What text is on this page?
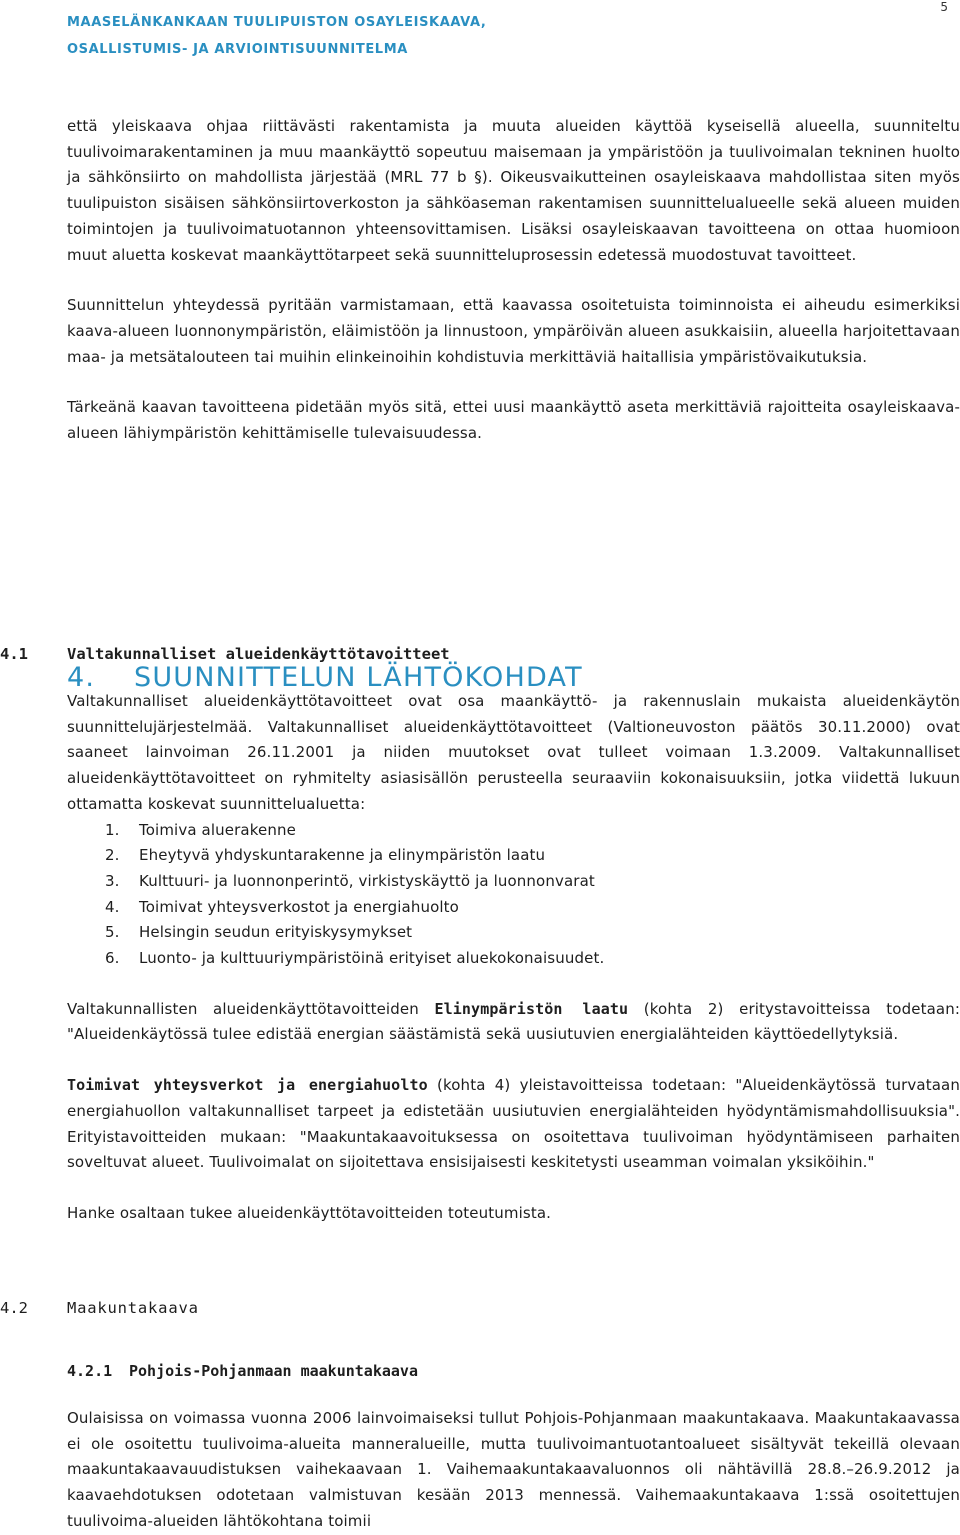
MAASELÄNKANKAAN TUULIPUISTON OSAYLEISKAAVA,
OSALLISTUMIS- JA ARVIOINTISUUNNITELMA
5

että yleiskaava ohjaa riittävästi rakentamista ja muuta alueiden käyttöä kyseisellä alueella, suunniteltu tuulivoimarakentaminen ja muu maankäyttö sopeutuu maisemaan ja ympäristöön ja tuulivoimalan tekninen huolto ja sähkönsiirto on mahdollista järjestää (MRL 77 b §). Oikeusvaikutteinen osayleiskaava mahdollistaa siten myös tuulipuiston sisäisen sähkönsiirtoverkoston ja sähköaseman rakentamisen suunnittelualueelle sekä alueen muiden toimintojen ja tuulivoimatuotannon yhteensovittamisen. Lisäksi osayleiskaavan tavoitteena on ottaa huomioon muut aluetta koskevat maankäyttötarpeet sekä suunnitteluprosessin edetessä muodostuvat tavoitteet.

Suunnittelun yhteydessä pyritään varmistamaan, että kaavassa osoitetuista toiminnoista ei aiheudu esimerkiksi kaava-alueen luonnonympäristön, eläimistöön ja linnustoon, ympäröivän alueen asukkaisiin, alueella harjoitettavaan maa- ja metsätalouteen tai muihin elinkeinoihin kohdistuvia merkittäviä haitallisia ympäristövaikutuksia.

Tärkeänä kaavan tavoitteena pidetään myös sitä, ettei uusi maankäyttö aseta merkittäviä rajoitteita osayleiskaava-alueen lähiympäristön kehittämiselle tulevaisuudessa.

4. SUUNNITTELUN LÄHTÖKOHDAT
4.1	Valtakunnalliset alueidenkäyttötavoitteet

Valtakunnalliset alueidenkäyttötavoitteet ovat osa maankäyttö- ja rakennuslain mukaista alueidenkäytön suunnittelujärjestelmää. Valtakunnalliset alueidenkäyttötavoitteet (Valtioneuvoston päätös 30.11.2000) ovat saaneet lainvoiman 26.11.2001 ja niiden muutokset ovat tulleet voimaan 1.3.2009. Valtakunnalliset alueidenkäyttötavoitteet on ryhmitelty asiasisällön perusteella seuraaviin kokonaisuuksiin, jotka viidettä lukuun ottamatta koskevat suunnittelualuetta:

1. Toimiva aluerakenne
2. Eheytyvä yhdyskuntarakenne ja elinympäristön laatu
3. Kulttuuri- ja luonnonperintö, virkistyskäyttö ja luonnonvarat
4. Toimivat yhteysverkostot ja energiahuolto
5. Helsingin seudun erityiskysymykset
6. Luonto- ja kulttuuriympäristöinä erityiset aluekokonaisuudet.

Valtakunnallisten alueidenkäyttötavoitteiden Elinympäristön laatu (kohta 2) eritystavoitteissa todetaan: "Alueidenkäytössä tulee edistää energian säästämistä sekä uusiutuvien energialähteiden käyttöedellytyksiä.

Toimivat yhteysverkot ja energiahuolto (kohta 4) yleistavoitteissa todetaan: "Alueidenkäytössä turvataan energiahuollon valtakunnalliset tarpeet ja edistetään uusiutuvien energialähteiden hyödyntämismahdollisuuksia". Erityistavoitteiden mukaan: "Maakuntakaavoituksessa on osoitettava tuulivoiman hyödyntämiseen parhaiten soveltuvat alueet. Tuulivoimalat on sijoitettava ensisijaisesti keskitetysti useamman voimalan yksiköihin."

Hanke osaltaan tukee alueidenkäyttötavoitteiden toteutumista.

4.2	Maakuntakaava
4.2.1 Pohjois-Pohjanmaan maakuntakaava

Oulaisissa on voimassa vuonna 2006 lainvoimaiseksi tullut Pohjois-Pohjanmaan maakuntakaava. Maakuntakaavassa ei ole osoitettu tuulivoima-alueita manneralueille, mutta tuulivoimantuotantoalueet sisältyvät tekeillä olevaan maakuntakaavauudistuksen vaihekaavaan 1. Vaihemaakuntakaavaluonnos oli nähtävillä 28.8.–26.9.2012 ja kaavaehdotuksen odotetaan valmistuvan kesään 2013 mennessä. Vaihemaakuntakaava 1:ssä osoitettujen tuulivoima-alueiden lähtökohtana toimii
